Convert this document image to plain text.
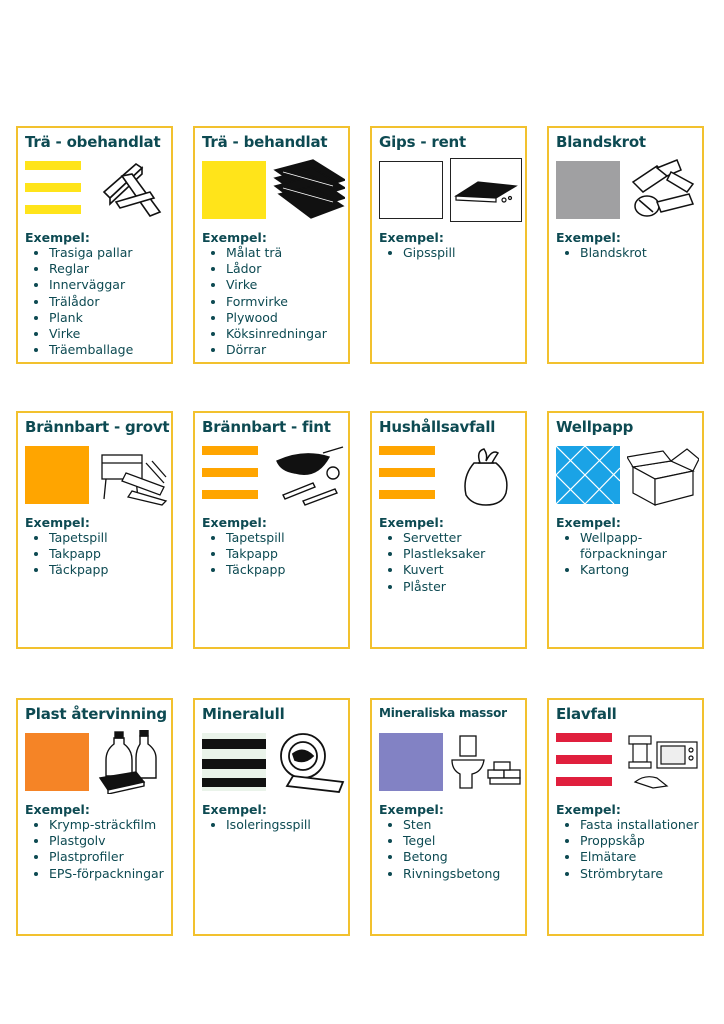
Trä - obehandlat
Exempel:
• Trasiga pallar
• Reglar
• Innerväggar
• Trälådor
• Plank
• Virke
• Träemballage
Trä - behandlat
Exempel:
• Målat trä
• Lådor
• Virke
• Formvirke
• Plywood
• Köksinredningar
• Dörrar
Gips - rent
Exempel:
• Gipsspill
Blandskrot
Exempel:
• Blandskrot
Brännbart - grovt
Exempel:
• Tapetspill
• Takpapp
• Täckpapp
Brännbart - fint
Exempel:
• Tapetspill
• Takpapp
• Täckpapp
Hushållsavfall
Exempel:
• Servetter
• Plastleksaker
• Kuvert
• Plåster
Wellpapp
Exempel:
• Wellpapp-förpackningar
• Kartong
Plast återvinning
Exempel:
• Krymp-sträckfilm
• Plastgolv
• Plastprofiler
• EPS-förpackningar
Mineralull
Exempel:
• Isoleringsspill
Mineraliska massor
Exempel:
• Sten
• Tegel
• Betong
• Rivningsbetong
Elavfall
Exempel:
• Fasta installationer
• Proppskåp
• Elmätare
• Strömbrytare
